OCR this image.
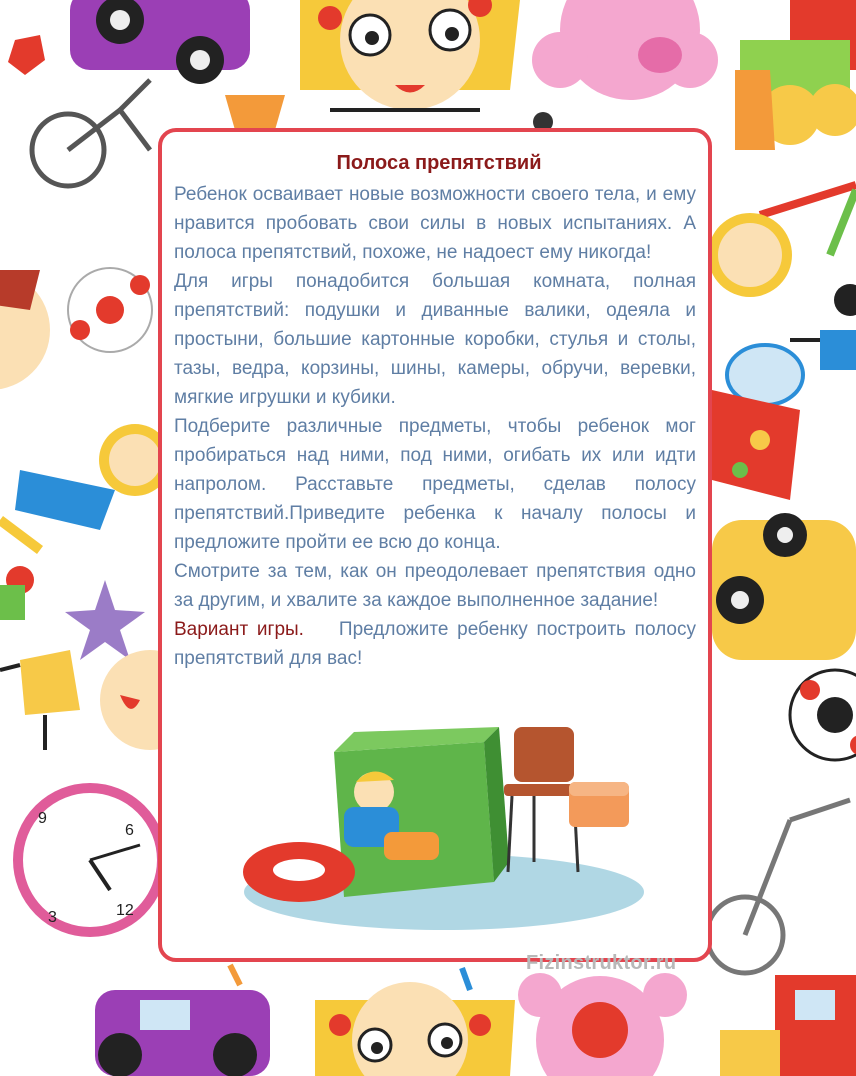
12
3
6
9
Полоса препятствий

Ребенок осваивает новые возможности своего тела, и ему нравится пробовать свои силы в новых испытаниях. А полоса препятствий, похоже, не надоест ему никогда!

Для игры понадобится большая комната, полная препятствий: подушки и диванные валики, одеяла и простыни, большие картонные коробки, стулья и столы, тазы, ведра, корзины, шины, камеры, обручи, веревки, мягкие игрушки и кубики.

Подберите различные предметы, чтобы ребенок мог пробираться над ними, под ними, огибать их или идти напролом. Расставьте предметы, сделав полосу препятствий.Приведите ребенка к началу полосы и предложите пройти ее всю до конца.

Смотрите за тем, как он преодолевает препятствия одно за другим, и хвалите за каждое выполненное задание!

Вариант игры. Предложите ребенку построить полосу препятствий для вас!

Fizinstruktor.ru
